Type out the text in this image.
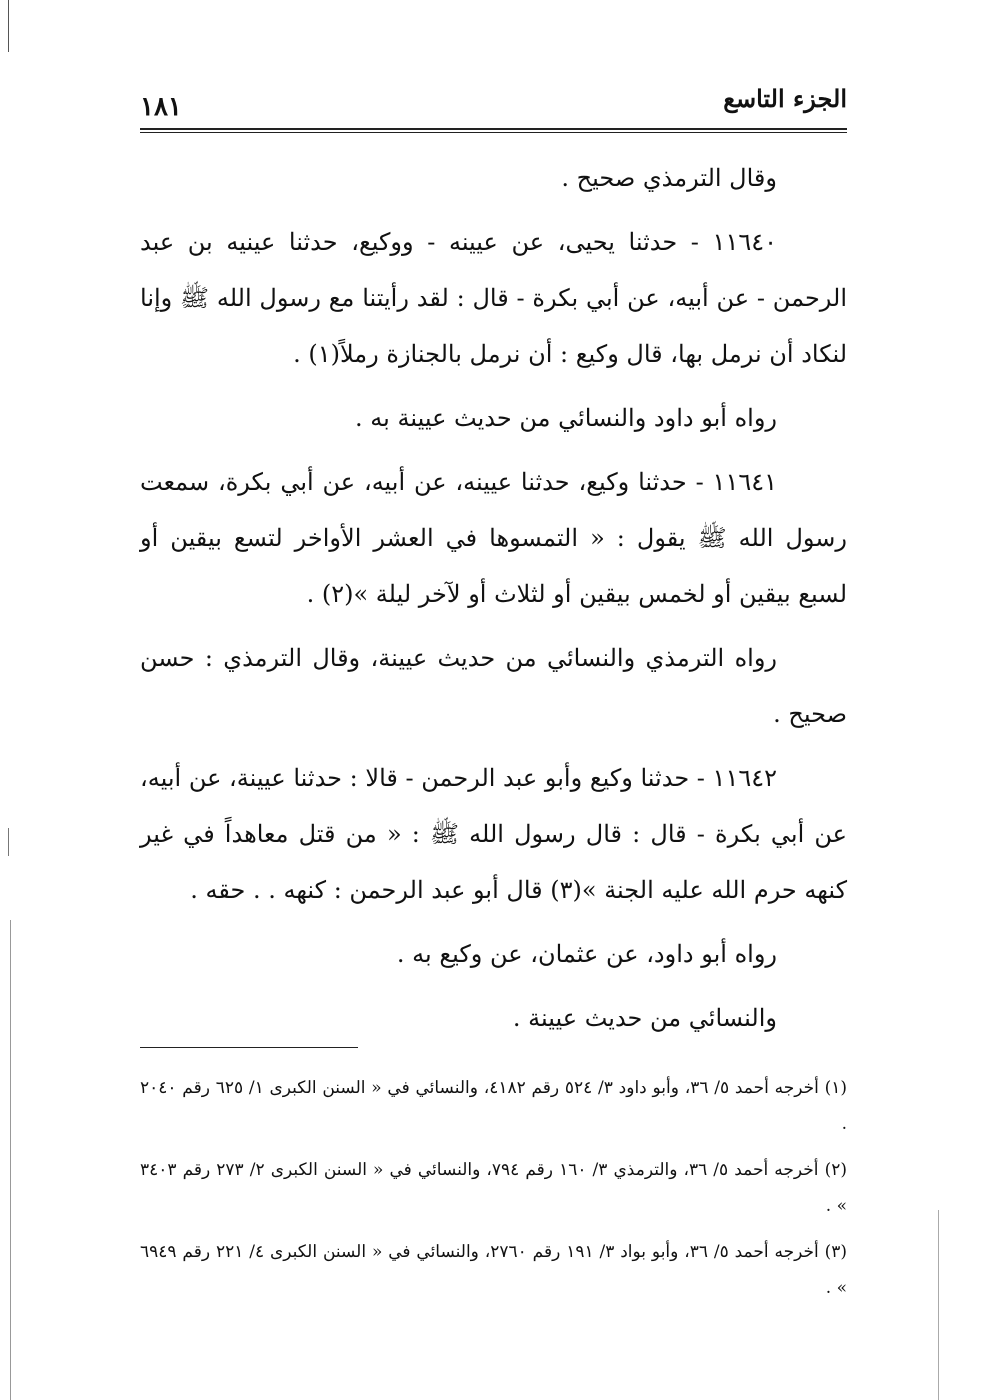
الجزء التاسع
١٨١

وقال الترمذي صحيح .

١١٦٤٠ - حدثنا يحيى، عن عيينه - ووكيع، حدثنا عينيه بن عبد الرحمن - عن أبيه، عن أبي بكرة - قال : لقد رأيتنا مع رسول الله ﷺ وإنا لنكاد أن نرمل بها، قال وكيع : أن نرمل بالجنازة رملاً(١) .

رواه أبو داود والنسائي من حديث عيينة به .

١١٦٤١ - حدثنا وكيع، حدثنا عيينه، عن أبيه، عن أبي بكرة، سمعت رسول الله ﷺ يقول : « التمسوها في العشر الأواخر لتسع بيقين أو لسبع بيقين أو لخمس بيقين أو لثلاث أو لآخر ليلة »(٢) .

رواه الترمذي والنسائي من حديث عيينة، وقال الترمذي : حسن صحيح .

١١٦٤٢ - حدثنا وكيع وأبو عبد الرحمن - قالا : حدثنا عيينة، عن أبيه، عن أبي بكرة - قال : قال رسول الله ﷺ : « من قتل معاهداً في غير كنهه حرم الله عليه الجنة »(٣) قال أبو عبد الرحمن : كنهه . . حقه .

رواه أبو داود، عن عثمان، عن وكيع به .

والنسائي من حديث عيينة .

(١) أخرجه أحمد ٥/ ٣٦، وأبو داود ٣/ ٥٢٤ رقم ٤١٨٢، والنسائي في « السنن الكبرى ١/ ٦٢٥ رقم ٢٠٤٠ .

(٢) أخرجه أحمد ٥/ ٣٦، والترمذي ٣/ ١٦٠ رقم ٧٩٤، والنسائي في « السنن الكبرى ٢/ ٢٧٣ رقم ٣٤٠٣ » .

(٣) أخرجه أحمد ٥/ ٣٦، وأبو بواد ٣/ ١٩١ رقم ٢٧٦٠، والنسائي في « السنن الكبرى ٤/ ٢٢١ رقم ٦٩٤٩ » .
